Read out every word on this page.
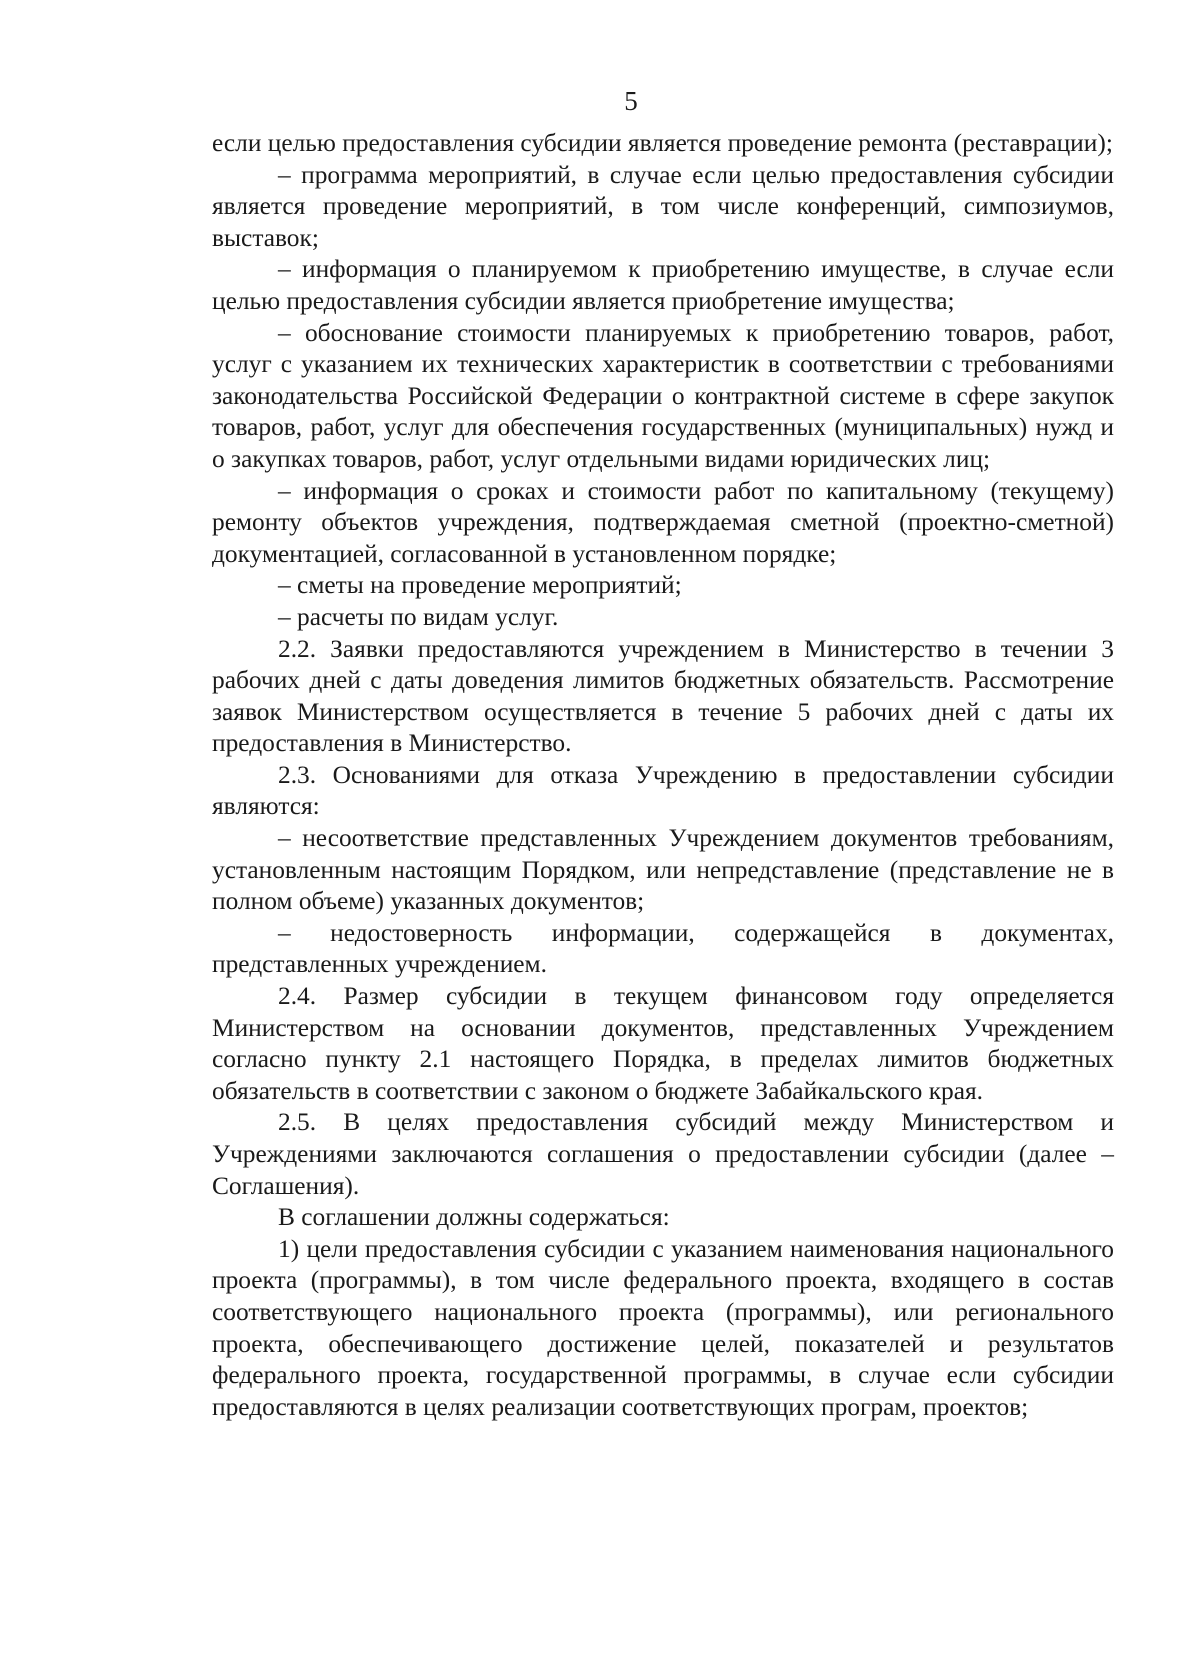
5

если целью предоставления субсидии является проведение ремонта (реставрации);

– программа мероприятий, в случае если целью предоставления субсидии является проведение мероприятий, в том числе конференций, симпозиумов, выставок;

– информация о планируемом к приобретению имуществе, в случае если целью предоставления субсидии является приобретение имущества;

– обоснование стоимости планируемых к приобретению товаров, работ, услуг с указанием их технических характеристик в соответствии с требованиями законодательства Российской Федерации о контрактной системе в сфере закупок товаров, работ, услуг для обеспечения государственных (муниципальных) нужд и о закупках товаров, работ, услуг отдельными видами юридических лиц;

– информация о сроках и стоимости работ по капитальному (текущему) ремонту объектов учреждения, подтверждаемая сметной (проектно-сметной) документацией, согласованной в установленном порядке;

– сметы на проведение мероприятий;

– расчеты по видам услуг.

2.2. Заявки предоставляются учреждением в Министерство в течении 3 рабочих дней с даты доведения лимитов бюджетных обязательств. Рассмотрение заявок Министерством осуществляется в течение 5 рабочих дней с даты их предоставления в Министерство.

2.3. Основаниями для отказа Учреждению в предоставлении субсидии являются:

– несоответствие представленных Учреждением документов требованиям, установленным настоящим Порядком, или непредставление (представление не в полном объеме) указанных документов;

– недостоверность информации, содержащейся в документах, представленных учреждением.

2.4. Размер субсидии в текущем финансовом году определяется Министерством на основании документов, представленных Учреждением согласно пункту 2.1 настоящего Порядка, в пределах лимитов бюджетных обязательств в соответствии с законом о бюджете Забайкальского края.

2.5. В целях предоставления субсидий между Министерством и Учреждениями заключаются соглашения о предоставлении субсидии (далее – Соглашения).

В соглашении должны содержаться:

1) цели предоставления субсидии с указанием наименования национального проекта (программы), в том числе федерального проекта, входящего в состав соответствующего национального проекта (программы), или регионального проекта, обеспечивающего достижение целей, показателей и результатов федерального проекта, государственной программы, в случае если субсидии предоставляются в целях реализации соответствующих програм, проектов;
